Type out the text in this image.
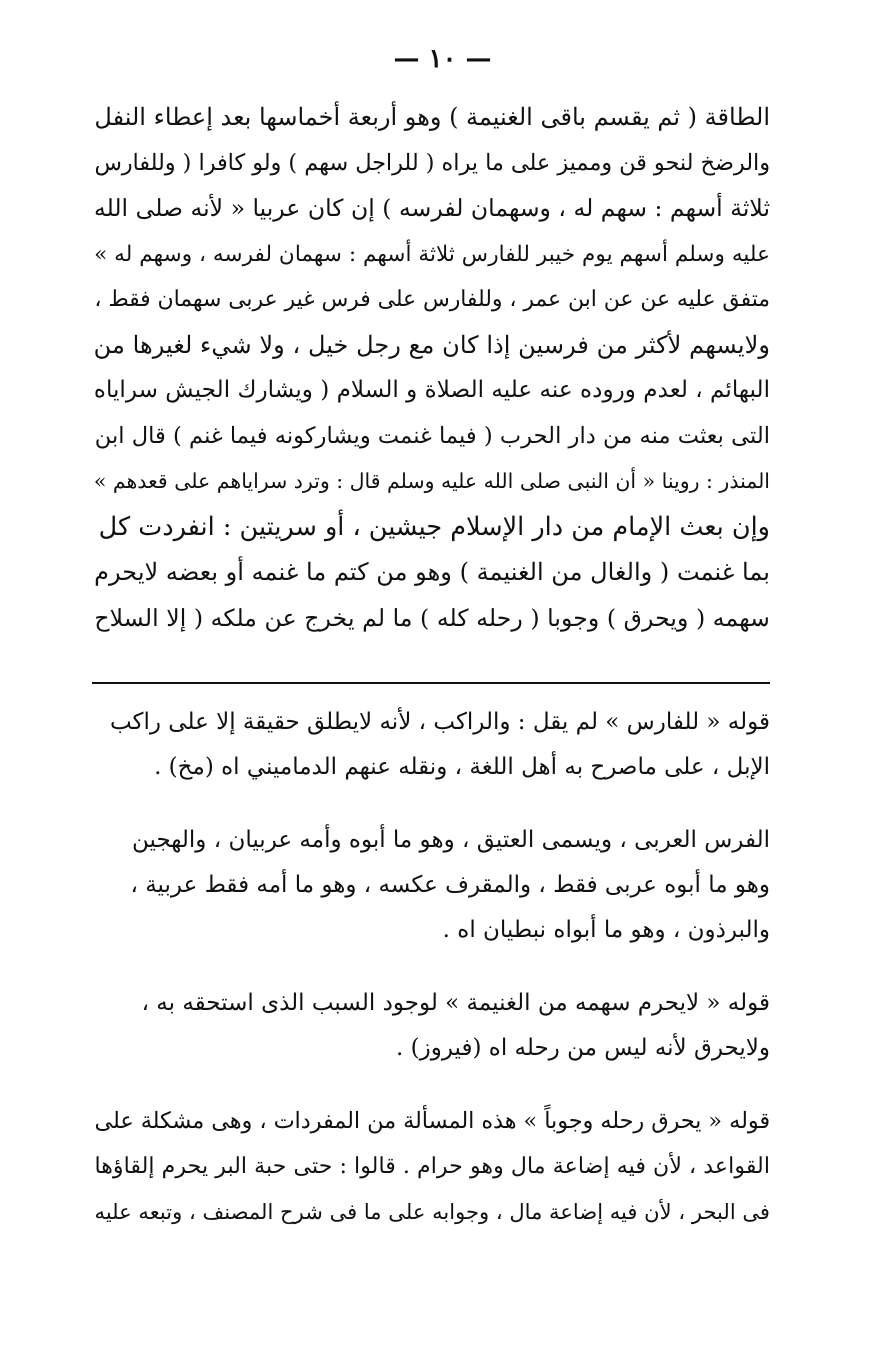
— ١٠ —
الطاقة ( ثم يقسم باقى الغنيمة ) وهو أربعة أخماسها بعد إعطاء النفل
والرضخ لنحو قن ومميز على ما يراه ( للراجل سهم ) ولو كافرا ( وللفارس
ثلاثة أسهم : سهم له ، وسهمان لفرسه ) إن كان عربيا « لأنه صلى الله
عليه وسلم أسهم يوم خيبر للفارس ثلاثة أسهم : سهمان لفرسه ، وسهم له »
متفق عليه عن عن ابن عمر ، وللفارس على فرس غير عربى سهمان فقط ،
ولايسهم لأكثر من فرسين إذا كان مع رجل خيل ، ولا شيء لغيرها من
البهائم ، لعدم وروده عنه عليه الصلاة و السلام ( ويشارك الجيش سراياه
التى بعثت منه من دار الحرب ( فيما غنمت ويشاركونه فيما غنم ) قال ابن
المنذر : روينا « أن النبى صلى الله عليه وسلم قال : وترد سراياهم على قعدهم »
وإن بعث الإمام من دار الإسلام جيشين ، أو سريتين : انفردت كل
بما غنمت ( والغال من الغنيمة ) وهو من كتم ما غنمه أو بعضه لايحرم
سهمه ( ويحرق ) وجوبا ( رحله كله ) ما لم يخرج عن ملكه ( إلا السلاح

قوله « للفارس » لم يقل : والراكب ، لأنه لايطلق حقيقة إلا على راكب
الإبل ، على ماصرح به أهل اللغة ، ونقله عنهم الدماميني اه (مخ) .

الفرس العربى ، ويسمى العتيق ، وهو ما أبوه وأمه عربيان ، والهجين
وهو ما أبوه عربى فقط ، والمقرف عكسه ، وهو ما أمه فقط عربية ،
والبرذون ، وهو ما أبواه نبطيان اه .

قوله « لايحرم سهمه من الغنيمة » لوجود السبب الذى استحقه به ،
ولايحرق لأنه ليس من رحله اه (فيروز) .

قوله « يحرق رحله وجوباً » هذه المسألة من المفردات ، وهى مشكلة على
القواعد ، لأن فيه إضاعة مال وهو حرام . قالوا : حتى حبة البر يحرم إلقاؤها
فى البحر ، لأن فيه إضاعة مال ، وجوابه على ما فى شرح المصنف ، وتبعه عليه
